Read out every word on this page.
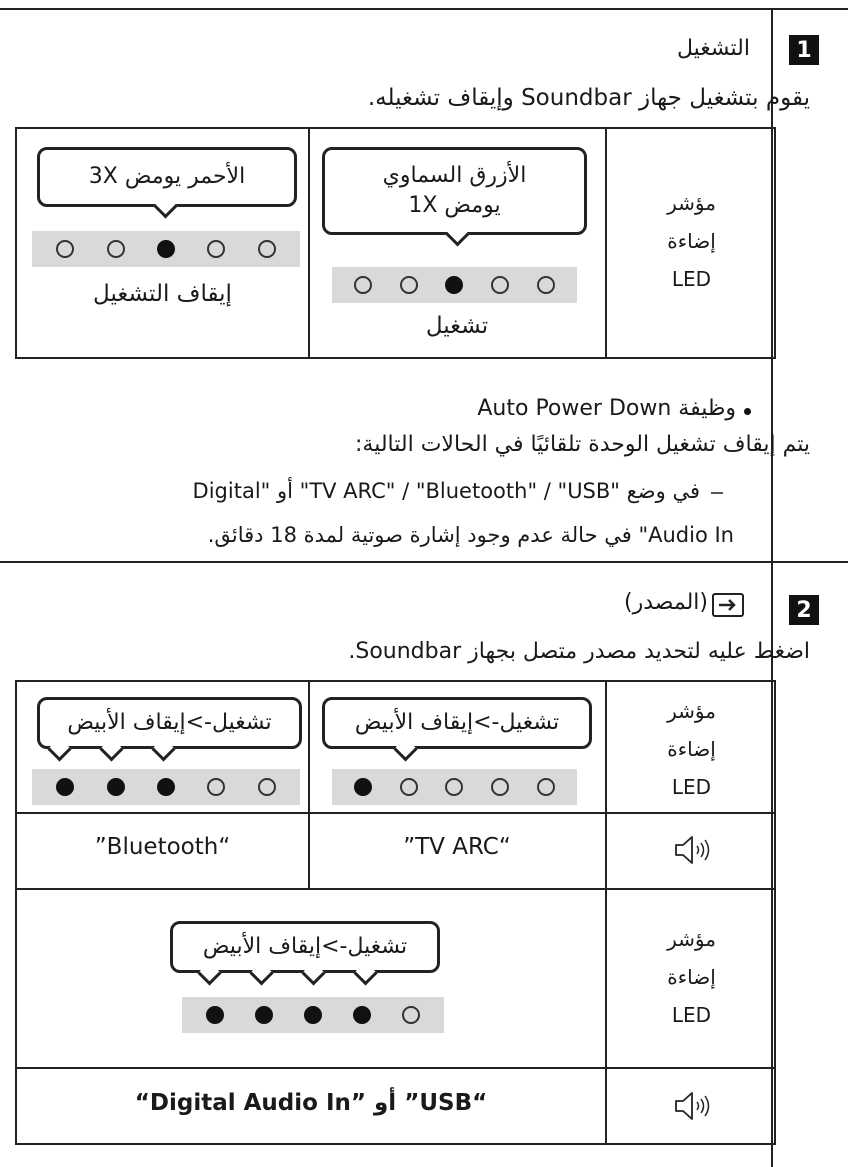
1
التشغيل
يقوم بتشغيل جهاز Soundbar وإيقاف تشغيله.
مؤشر
إضاءة
LED
الأزرق السماوي
يومض 1X
تشغيل
الأحمر يومض 3X
إيقاف التشغيل
وظيفة Auto Power Down
يتم إيقاف تشغيل الوحدة تلقائيًا في الحالات التالية:
في وضع "TV ARC" / "Bluetooth" / "USB" أو "Digital
Audio In" في حالة عدم وجود إشارة صوتية لمدة 18 دقائق.
2
(المصدر)
اضغط عليه لتحديد مصدر متصل بجهاز Soundbar.
مؤشر
إضاءة
LED
تشغيل->إيقاف الأبيض
تشغيل->إيقاف الأبيض
“TV ARC”
“Bluetooth”
مؤشر
إضاءة
LED
تشغيل->إيقاف الأبيض
“USB” أو ”Digital Audio In“
